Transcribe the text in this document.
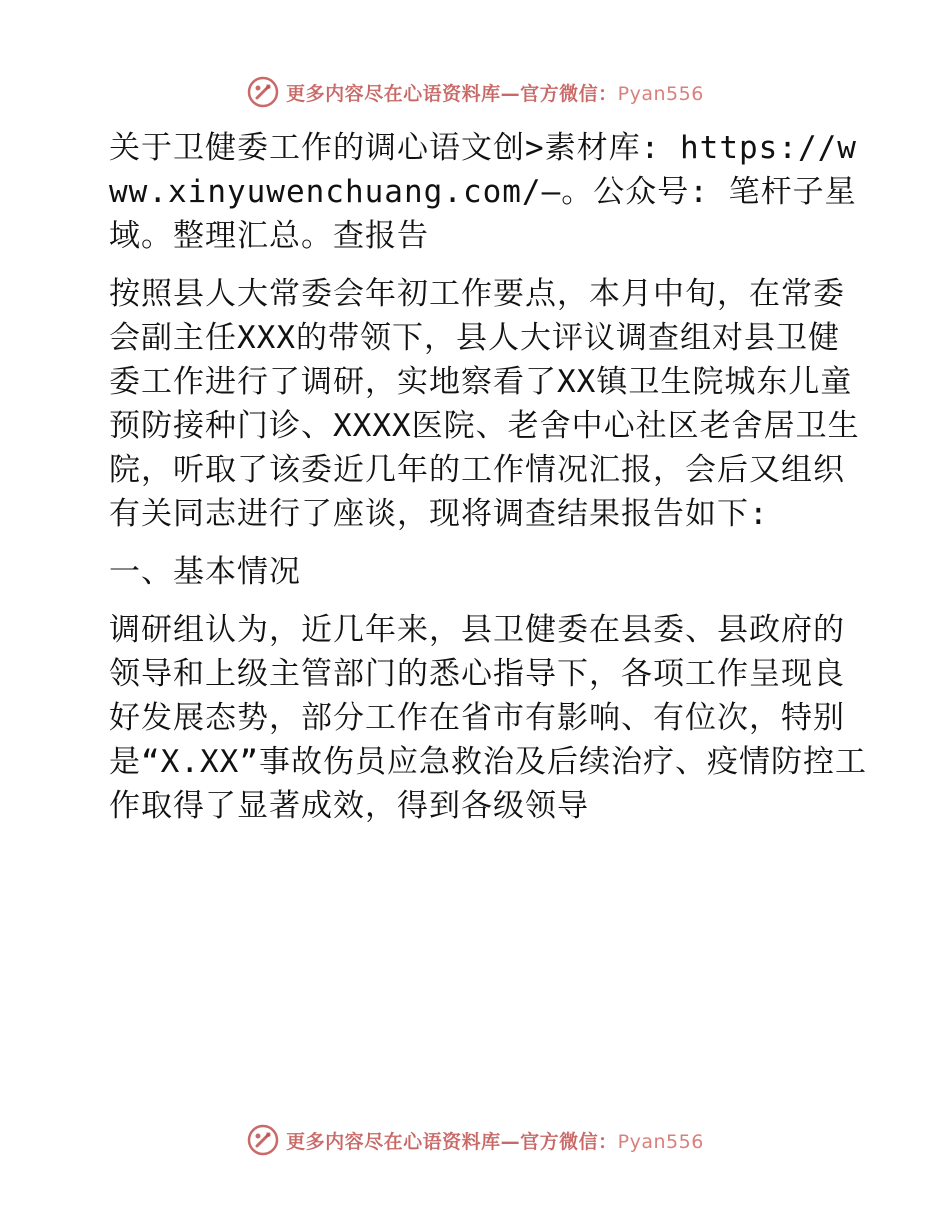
更多内容尽在心语资料库—官方微信：Pyan556

关于卫健委工作的调心语文创>素材库: https://www.xinyuwenchuang.com/—。公众号: 笔杆子星域。整理汇总。查报告

按照县人大常委会年初工作要点，本月中旬，在常委会副主任XXX的带领下，县人大评议调查组对县卫健委工作进行了调研，实地察看了XX镇卫生院城东儿童预防接种门诊、XXXX医院、老舍中心社区老舍居卫生院，听取了该委近几年的工作情况汇报，会后又组织有关同志进行了座谈，现将调查结果报告如下:

一、基本情况

调研组认为，近几年来，县卫健委在县委、县政府的领导和上级主管部门的悉心指导下，各项工作呈现良好发展态势，部分工作在省市有影响、有位次，特别是“X.XX”事故伤员应急救治及后续治疗、疫情防控工作取得了显著成效，得到各级领导

更多内容尽在心语资料库—官方微信：Pyan556
